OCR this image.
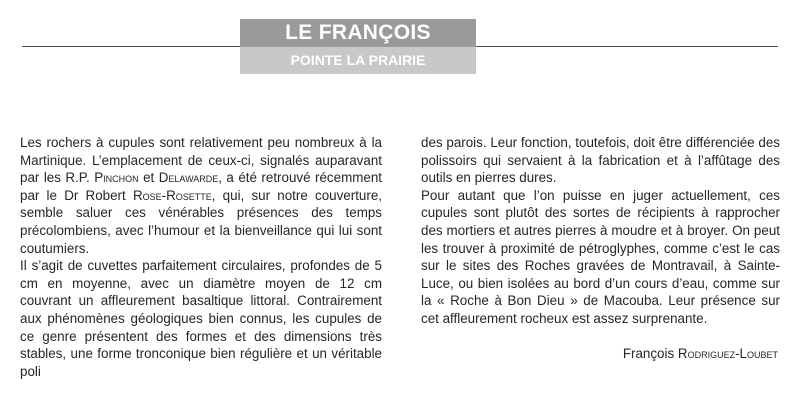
LE FRANÇOIS
POINTE LA PRAIRIE

Les rochers à cupules sont relativement peu nombreux à la Martinique. L’emplacement de ceux-ci, signalés auparavant par les R.P. Pinchon et Delawarde, a été retrouvé récemment par le Dr Robert Rose-Rosette, qui, sur notre couverture, semble saluer ces vénérables présences des temps précolombiens, avec l’humour et la bienveillance qui lui sont coutumiers.

Il s’agit de cuvettes parfaitement circulaires, profondes de 5 cm en moyenne, avec un diamètre moyen de 12 cm couvrant un affleurement basaltique littoral. Contrairement aux phénomènes géologiques bien connus, les cupules de ce genre présentent des formes et des dimensions très stables, une forme tronconique bien régulière et un véritable poli

des parois. Leur fonction, toutefois, doit être différenciée des polissoirs qui servaient à la fabrication et à l’affûtage des outils en pierres dures.

Pour autant que l’on puisse en juger actuellement, ces cupules sont plutôt des sortes de récipients à rapprocher des mortiers et autres pierres à moudre et à broyer. On peut les trouver à proximité de pétroglyphes, comme c’est le cas sur le sites des Roches gravées de Montravail, à Sainte-Luce, ou bien isolées au bord d’un cours d’eau, comme sur la « Roche à Bon Dieu » de Macouba. Leur présence sur cet affleurement rocheux est assez surprenante.

François Rodriguez-Loubet
